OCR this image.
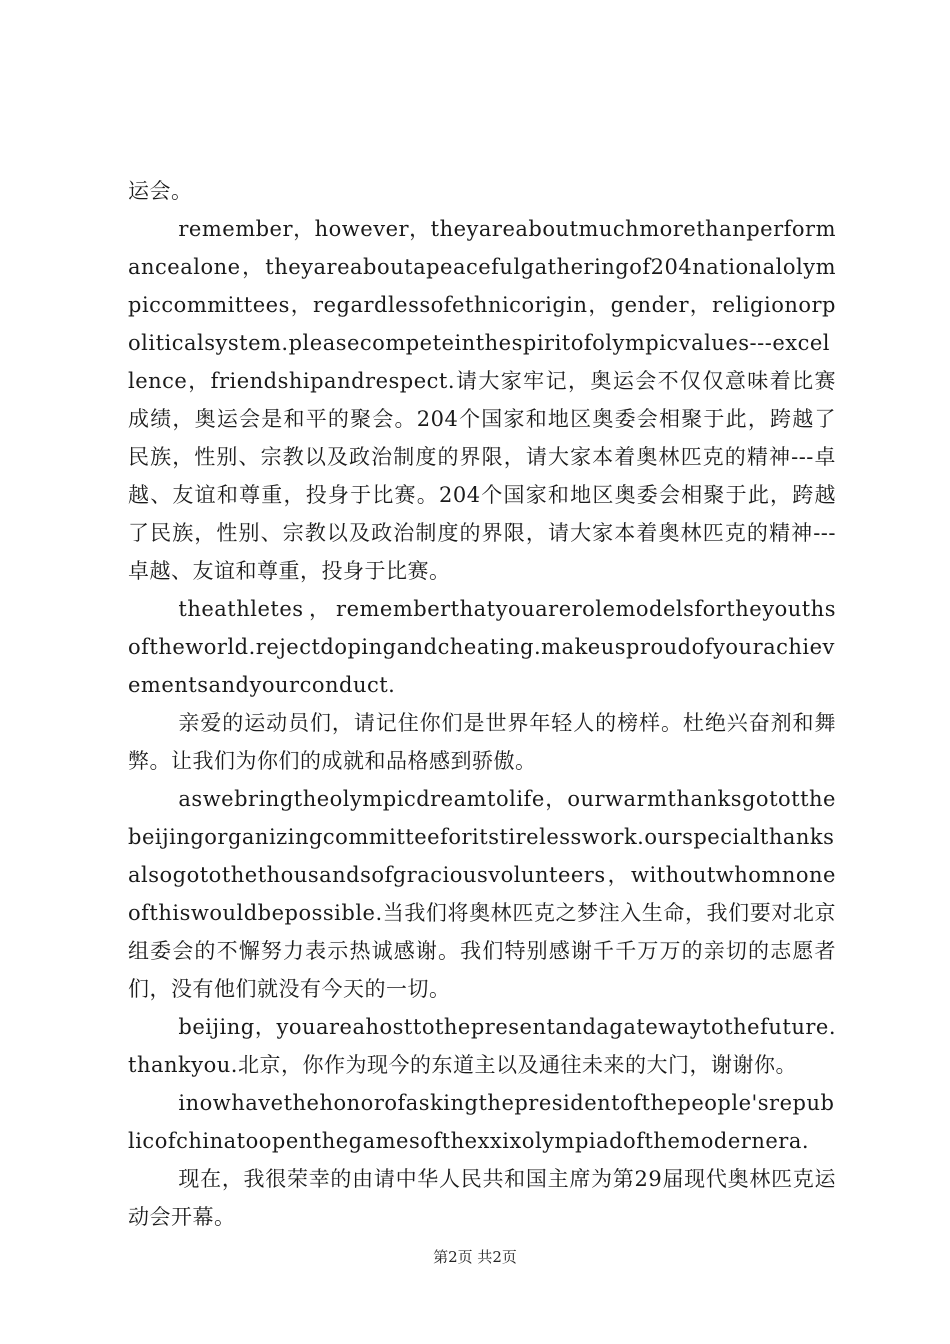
运会。

remember，however，theyareaboutmuchmorethanperformancealone，theyareaboutapeacefulgatheringof204nationalolympiccommittees，regardlessofethnicorigin，gender，religionorpoliticalsystem.pleasecompeteinthespiritofolympicvalues---excellence，friendshipandrespect.请大家牢记，奥运会不仅仅意味着比赛成绩，奥运会是和平的聚会。204个国家和地区奥委会相聚于此，跨越了民族，性别、宗教以及政治制度的界限，请大家本着奥林匹克的精神---卓越、友谊和尊重，投身于比赛。204个国家和地区奥委会相聚于此，跨越了民族，性别、宗教以及政治制度的界限，请大家本着奥林匹克的精神---卓越、友谊和尊重，投身于比赛。

theathletes，rememberthatyouarerolemodelsfortheyouthsoftheworld.rejectdopingandcheating.makeusproudofyourachievementsandyourconduct.

亲爱的运动员们，请记住你们是世界年轻人的榜样。杜绝兴奋剂和舞弊。让我们为你们的成就和品格感到骄傲。

aswebringtheolympicdreamtolife，ourwarmthanksgototthebeijingorganizingcommitteeforitstirelesswork.ourspecialthanksalsogotothethousandsofgraciousvolunteers，withoutwhomnoneofthiswouldbepossible.当我们将奥林匹克之梦注入生命，我们要对北京组委会的不懈努力表示热诚感谢。我们特别感谢千千万万的亲切的志愿者们，没有他们就没有今天的一切。

beijing，youareahosttothepresentandagatewaytothefuture.thankyou.北京，你作为现今的东道主以及通往未来的大门，谢谢你。

inowhavethehonorofaskingthepresidentofthepeople'srepublicofchinatoopenthegamesofthexxixolympiadofthemodernera.

现在，我很荣幸的由请中华人民共和国主席为第29届现代奥林匹克运动会开幕。

第2页 共2页
